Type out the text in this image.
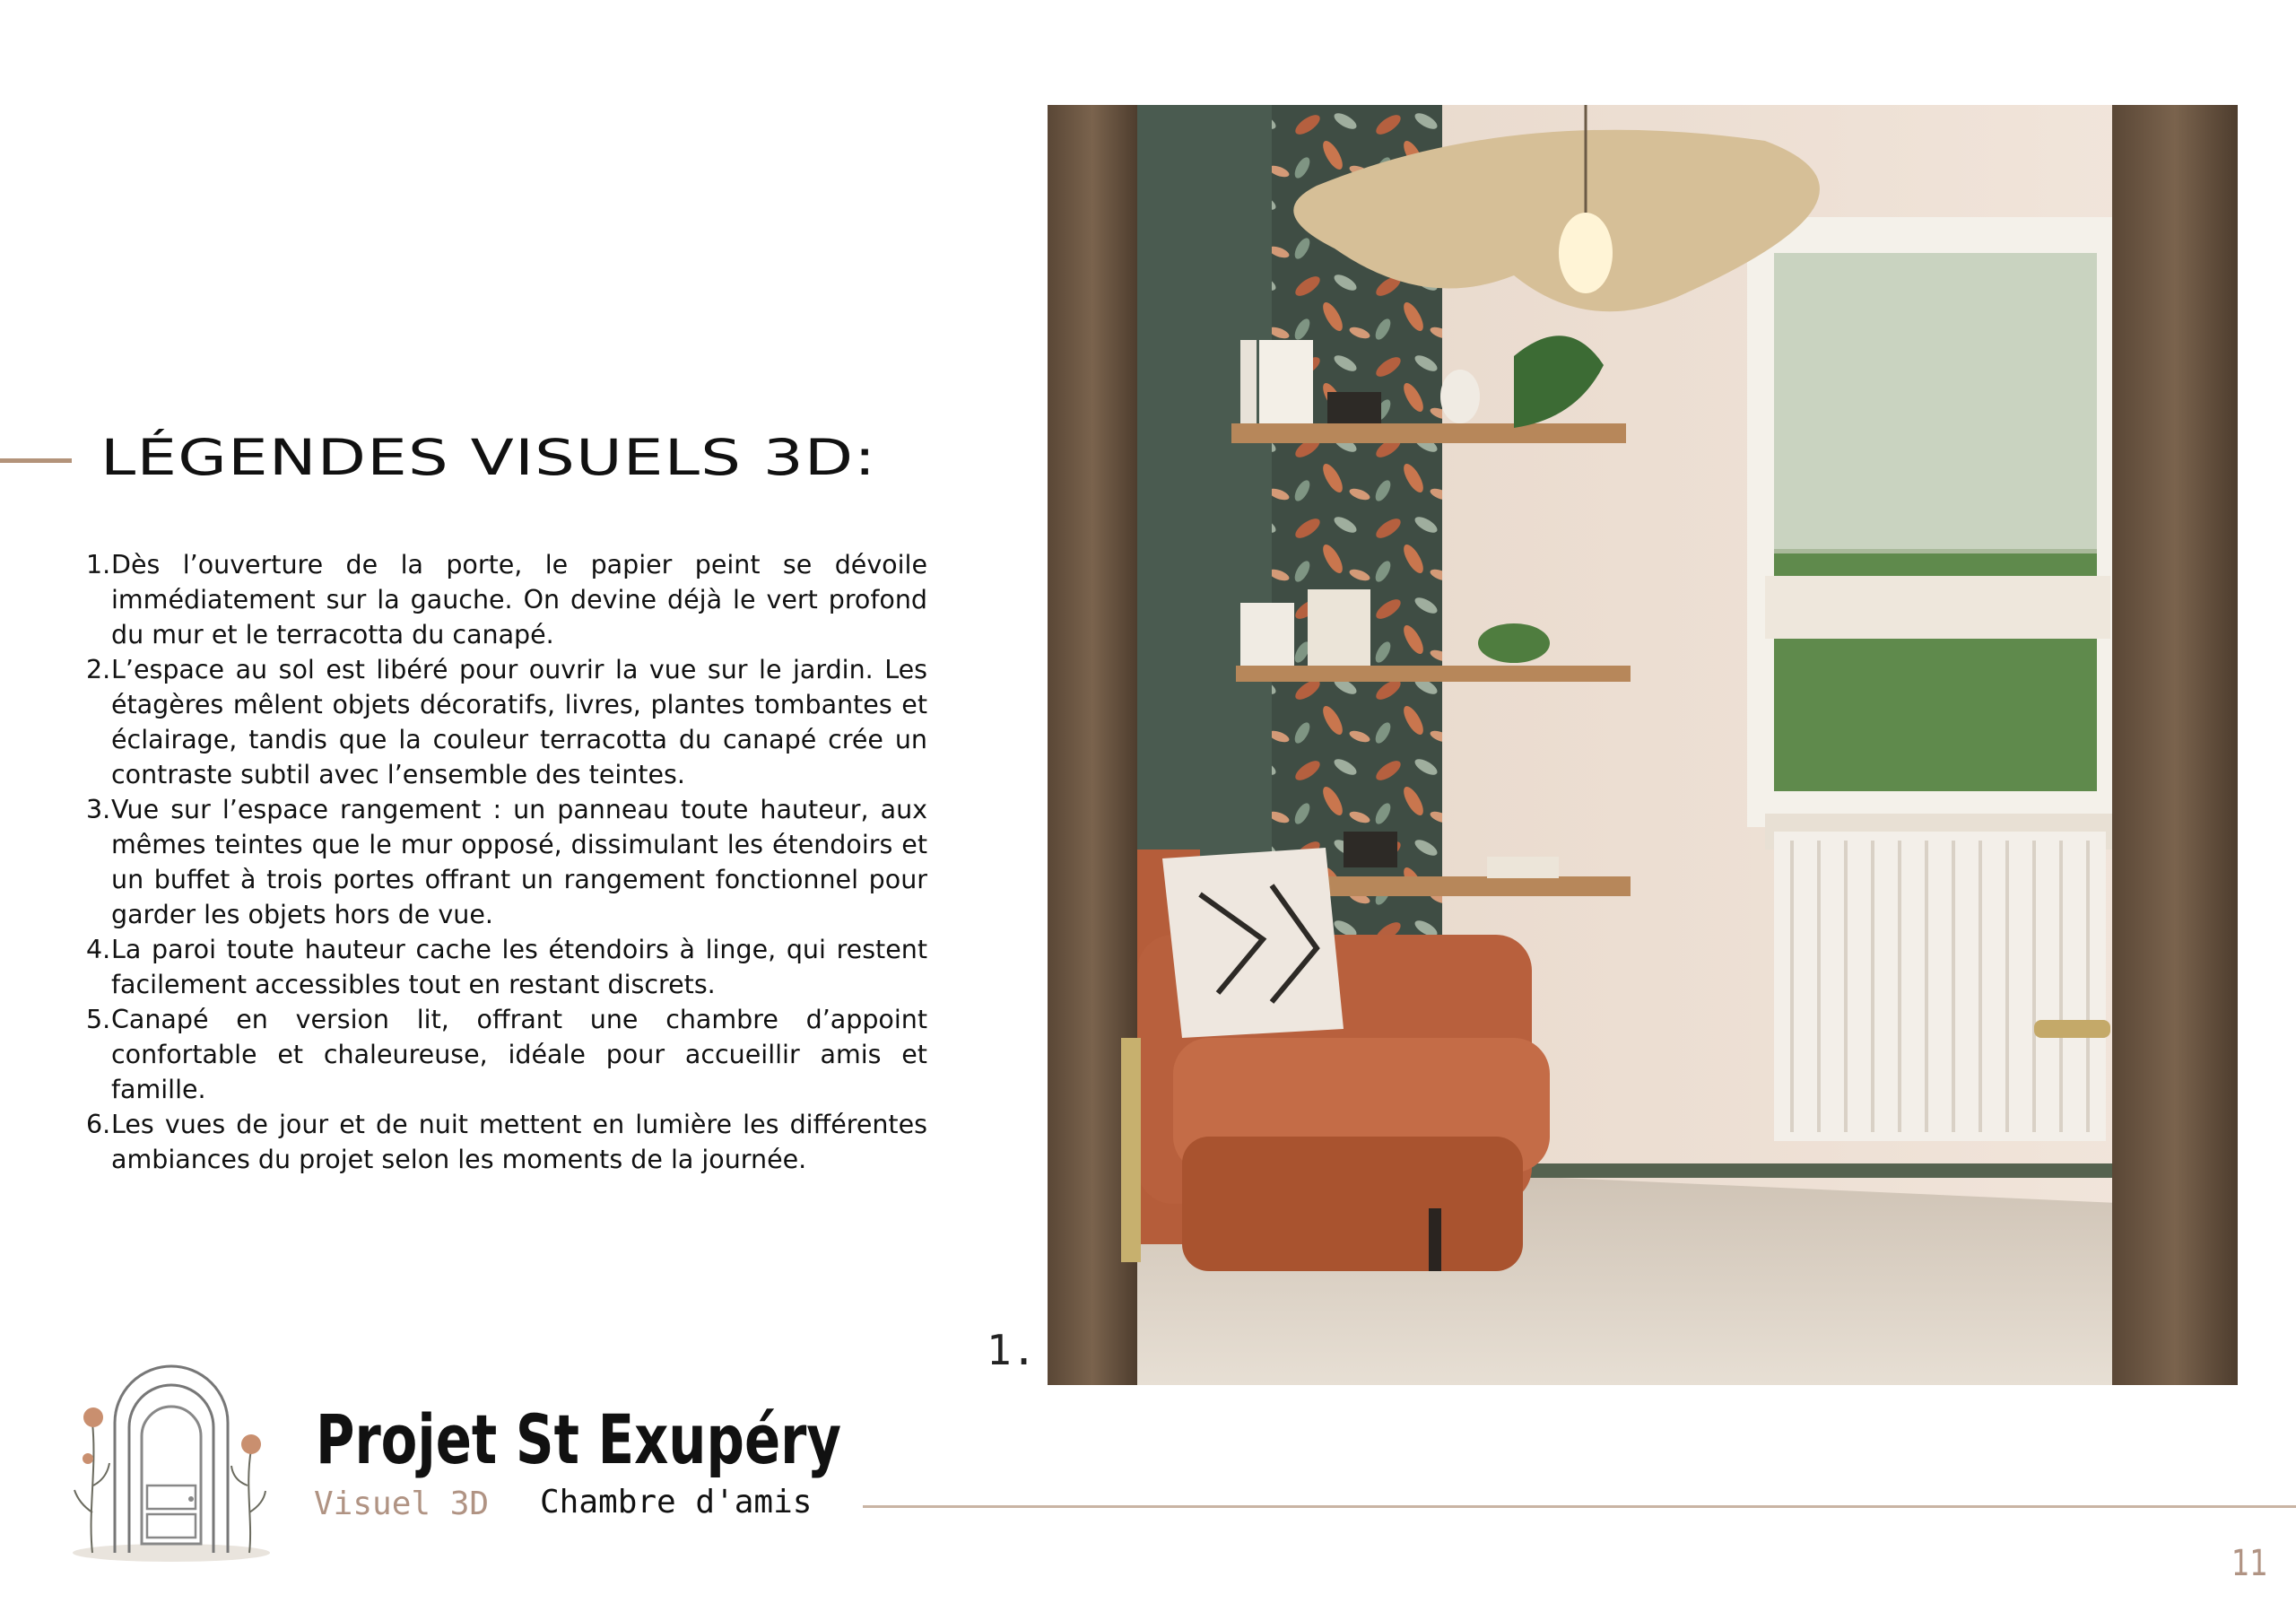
LÉGENDES VISUELS 3D:
1. Dès l’ouverture de la porte, le papier peint se dévoile immédiatement sur la gauche. On devine déjà le vert profond du mur et le terracotta du canapé.
2. L’espace au sol est libéré pour ouvrir la vue sur le jardin. Les étagères mêlent objets décoratifs, livres, plantes tombantes et éclairage, tandis que la couleur terracotta du canapé crée un contraste subtil avec l’ensemble des teintes.
3. Vue sur l’espace rangement : un panneau toute hauteur, aux mêmes teintes que le mur opposé, dissimulant les étendoirs et un buffet à trois portes offrant un rangement fonctionnel pour garder les objets hors de vue.
4. La paroi toute hauteur cache les étendoirs à linge, qui restent facilement accessibles tout en restant discrets.
5. Canapé en version lit, offrant une chambre d’appoint confortable et chaleureuse, idéale pour accueillir amis et famille.
6. Les vues de jour et de nuit mettent en lumière les différentes ambiances du projet selon les moments de la journée.
1.
Projet St Exupéry
Visuel 3D Chambre d'amis
11
